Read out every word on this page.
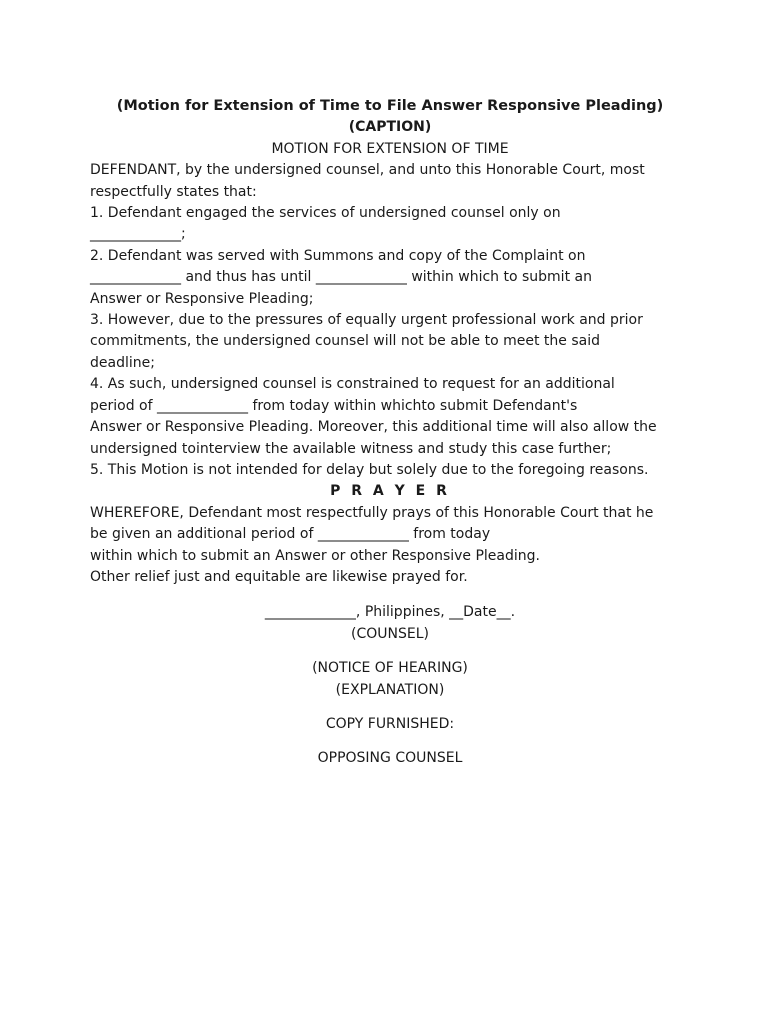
(Motion for Extension of Time to File Answer Responsive Pleading)
(CAPTION)
MOTION FOR EXTENSION OF TIME
DEFENDANT, by the undersigned counsel, and unto this Honorable Court, most
respectfully states that:
1. Defendant engaged the services of undersigned counsel only on
_____________;
2. Defendant was served with Summons and copy of the Complaint on
_____________ and thus has until _____________ within which to submit an
Answer or Responsive Pleading;
3. However, due to the pressures of equally urgent professional work and prior
commitments, the undersigned counsel will not be able to meet the said
deadline;
4. As such, undersigned counsel is constrained to request for an additional
period of _____________ from today within whichto submit Defendant's
Answer or Responsive Pleading. Moreover, this additional time will also allow the
undersigned tointerview the available witness and study this case further;
5. This Motion is not intended for delay but solely due to the foregoing reasons.
P R A Y E R
WHEREFORE, Defendant most respectfully prays of this Honorable Court that he
be given an additional period of _____________ from today
within which to submit an Answer or other Responsive Pleading.
Other relief just and equitable are likewise prayed for.
_____________, Philippines, __Date__.
(COUNSEL)
(NOTICE OF HEARING)
(EXPLANATION)
COPY FURNISHED:
OPPOSING COUNSEL
